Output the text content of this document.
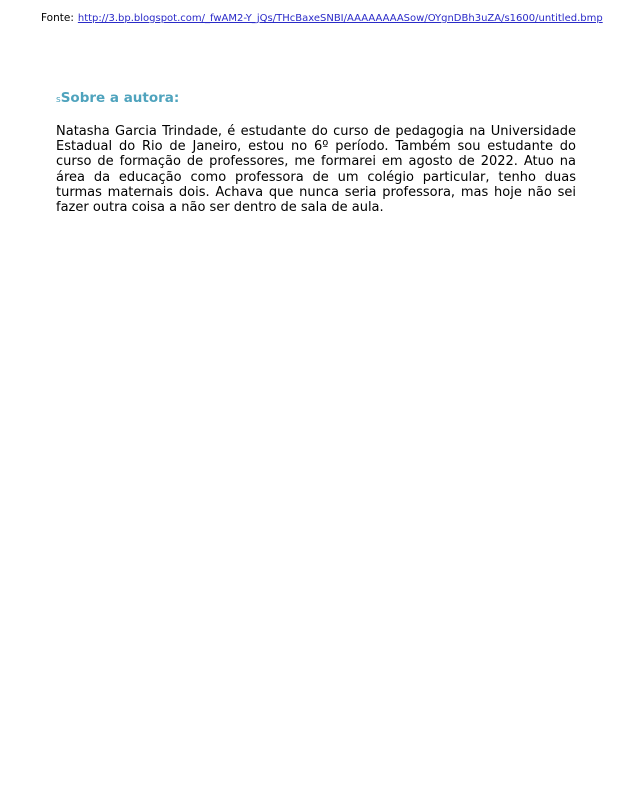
Fonte: http://3.bp.blogspot.com/_fwAM2-Y_jQs/THcBaxeSNBI/AAAAAAAASow/OYgnDBh3uZA/s1600/untitled.bmp
sSobre a autora:

Natasha Garcia Trindade, é estudante do curso de pedagogia na Universidade Estadual do Rio de Janeiro, estou no 6º período. Também sou estudante do curso de formação de professores, me formarei em agosto de 2022. Atuo na área da educação como professora de um colégio particular, tenho duas turmas maternais dois. Achava que nunca seria professora, mas hoje não sei fazer outra coisa a não ser dentro de sala de aula.
